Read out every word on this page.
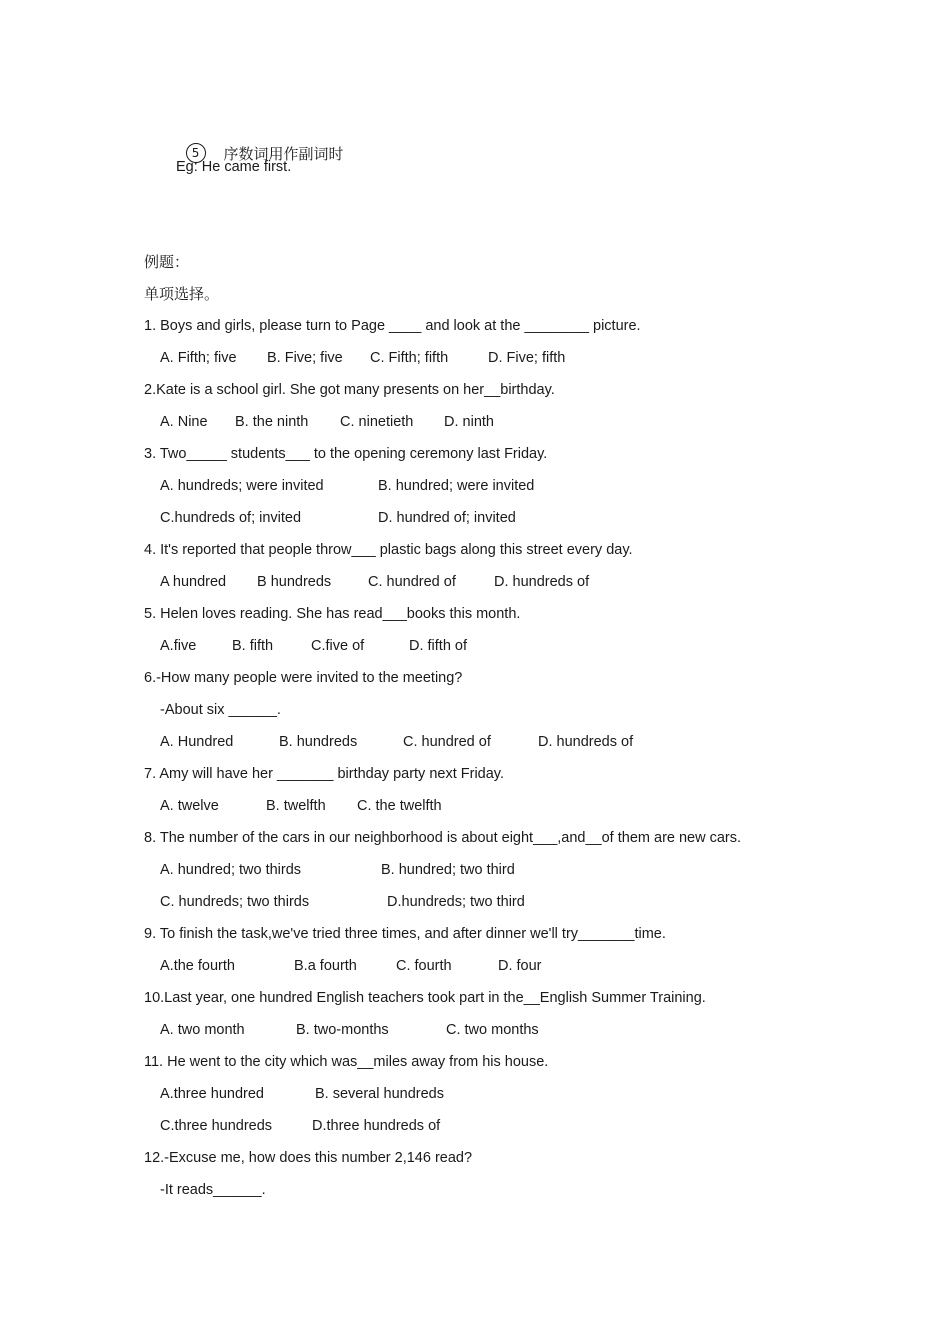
5 序数词用作副词时

Eg: He came first.
例题：
单项选择。
1. Boys and girls, please turn to Page ____ and look at the ________ picture.
A. Fifth; five B. Five; five C. Fifth; fifth	D. Five; fifth
2.Kate is a school girl. She got many presents on her__birthday.
A. Nine B. the ninth C. ninetieth D. ninth
3. Two_____ students___ to the opening ceremony last Friday.
A. hundreds; were invited	B. hundred; were invited
C.hundreds of; invited	D. hundred of; invited
4. It's reported that people throw___ plastic bags along this street every day.
A hundred B hundreds	C. hundred of	D. hundreds of
5. Helen loves reading. She has read___books this month.
A.five B. fifth	C.five of	D. fifth of
6.-How many people were invited to the meeting?
-About six ______.
A. Hundred	B. hundreds	C. hundred of	D. hundreds of
7. Amy will have her _______ birthday party next Friday.
A. twelve	B. twelfth C. the twelfth
8. The number of the cars in our neighborhood is about eight___,and__of them are new cars.
A. hundred; two thirds	B. hundred; two third
C. hundreds; two thirds	D.hundreds; two third
9. To finish the task,we've tried three times, and after dinner we'll try_______time.
A.the fourth	B.a fourth	C. fourth	D. four
10.Last year, one hundred English teachers took part in the__English Summer Training.
A. two month	B. two-months	C. two months
11. He went to the city which was__miles away from his house.
A.three hundred	B. several hundreds
C.three hundreds	D.three hundreds of
12.-Excuse me, how does this number 2,146 read?
-It reads______.
